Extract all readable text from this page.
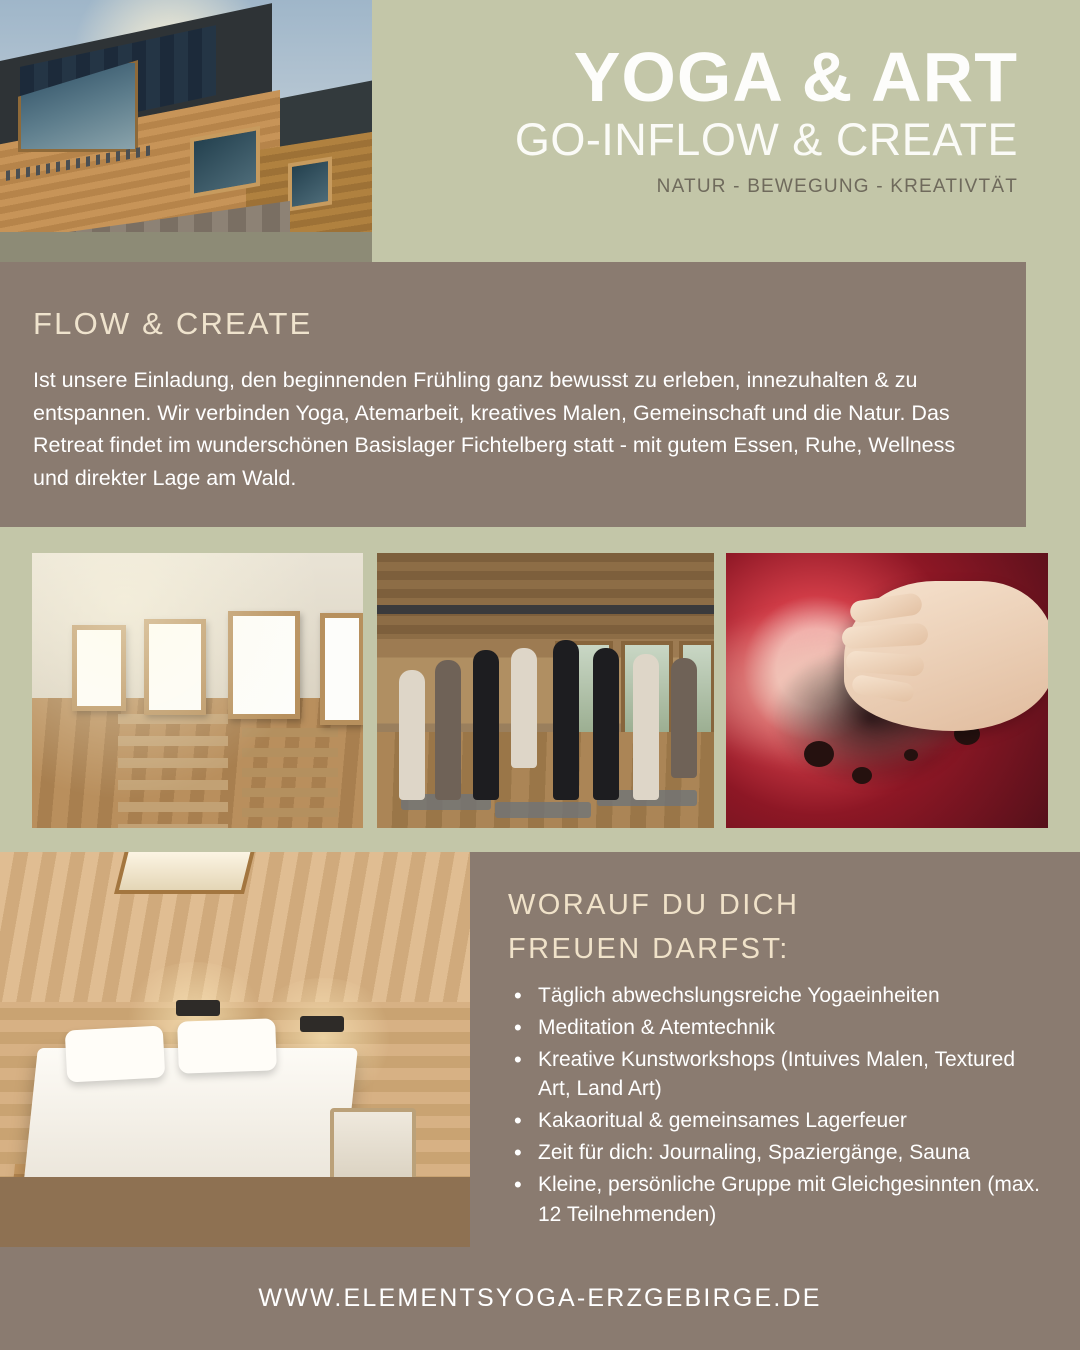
YOGA & ART
GO-INFLOW & CREATE
NATUR - BEWEGUNG - KREATIVTÄT
FLOW & CREATE

Ist unsere Einladung, den beginnenden Frühling ganz bewusst zu erleben, innezuhalten & zu entspannen. Wir verbinden Yoga, Atemarbeit, kreatives Malen, Gemeinschaft und die Natur. Das Retreat findet im wunderschönen Basislager Fichtelberg statt - mit gutem Essen, Ruhe, Wellness und direkter Lage am Wald.

WORAUF DU DICH
FREUEN DARFST:
• Täglich abwechslungsreiche Yogaeinheiten
• Meditation & Atemtechnik
• Kreative Kunstworkshops (Intuives Malen, Textured Art, Land Art)
• Kakaoritual & gemeinsames Lagerfeuer
• Zeit für dich: Journaling, Spaziergänge, Sauna
• Kleine, persönliche Gruppe mit Gleichgesinnten (max. 12 Teilnehmenden)
WWW.ELEMENTSYOGA-ERZGEBIRGE.DE
